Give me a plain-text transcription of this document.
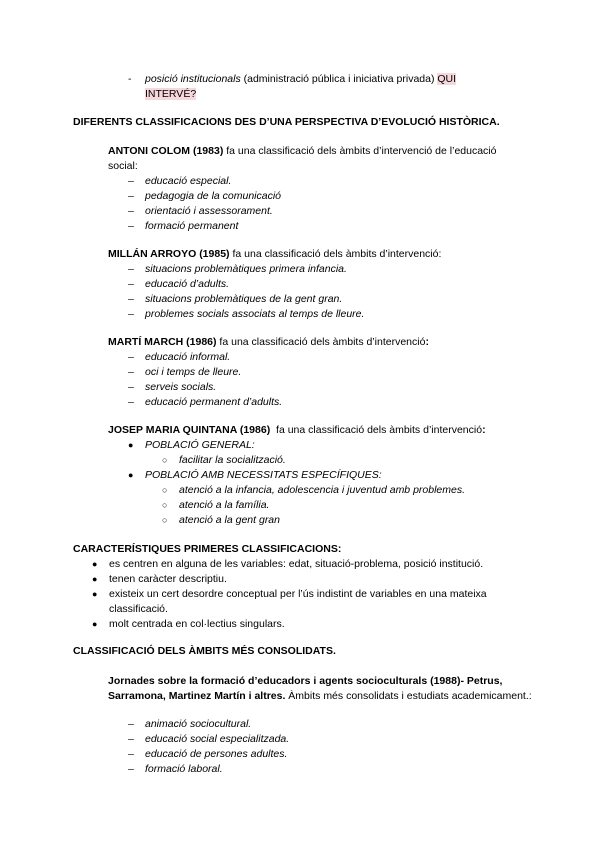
-	posició institucionals (administració pública i iniciativa privada) QUI
INTERVÉ?
DIFERENTS CLASSIFICACIONS DES D’UNA PERSPECTIVA D’EVOLUCIÓ HISTÒRICA.
ANTONI COLOM (1983) fa una classificació dels àmbits d’intervenció de l’educació social:
– educació especial.
– pedagogia de la comunicació
– orientació i assessorament.
– formació permanent
MILLÁN ARROYO (1985) fa una classificació dels àmbits d’intervenció:
– situacions problemàtiques primera infancia.
– educació d’adults.
– situacions problemàtiques de la gent gran.
– problemes socials associats al temps de lleure.
MARTÍ MARCH (1986) fa una classificació dels àmbits d’intervenció:
– educació informal.
– oci i temps de lleure.
– serveis socials.
– educació permanent d’adults.
JOSEP MARIA QUINTANA (1986)  fa una classificació dels àmbits d’intervenció:
● POBLACIÓ GENERAL:
○ facilitar la socialització.
● POBLACIÓ AMB NECESSITATS ESPECÍFIQUES:
○ atenció a la infancia, adolescencia i juventud amb problemes.
○ atenció a la família.
○ atenció a la gent gran
CARACTERÍSTIQUES PRIMERES CLASSIFICACIONS:
● es centren en alguna de les variables: edat, situació-problema, posició institució.
● tenen caràcter descriptiu.
● existeix un cert desordre conceptual per l’ús indistint de variables en una mateixa classificació.
● molt centrada en col·lectius singulars.
CLASSIFICACIÓ DELS ÀMBITS MÉS CONSOLIDATS.
Jornades sobre la formació d’educadors i agents socioculturals (1988)- Petrus, Sarramona, Martinez Martín i altres. Àmbits més consolidats i estudiats academicament.:
– animació sociocultural.
– educació social especialitzada.
– educació de persones adultes.
– formació laboral.
